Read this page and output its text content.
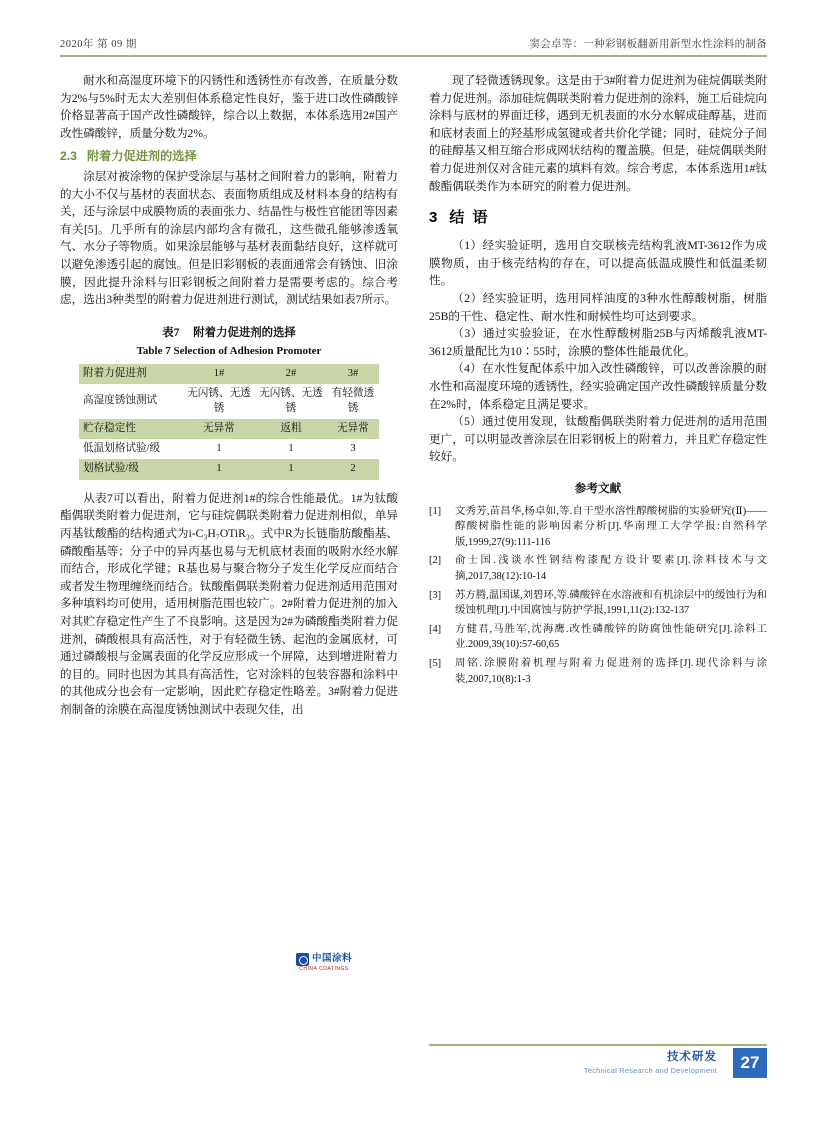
2020年 第 09 期	窦会卓等：一种彩钢板翻新用新型水性涂料的制备

耐水和高湿度环境下的闪锈性和透锈性亦有改善，在质量分数为2%与5%时无太大差别但体系稳定性良好，鉴于进口改性磷酸锌价格显著高于国产改性磷酸锌，综合以上数据，本体系选用2#国产改性磷酸锌，质量分数为2%。

2.3 附着力促进剂的选择

涂层对被涂物的保护受涂层与基材之间附着力的影响，附着力的大小不仅与基材的表面状态、表面物质组成及材料本身的结构有关，还与涂层中成膜物质的表面张力、结晶性与极性官能团等因素有关[5]。几乎所有的涂层内部均含有微孔，这些微孔能够渗透氧气、水分子等物质。如果涂层能够与基材表面黏结良好，这样就可以避免渗透引起的腐蚀。但是旧彩钢板的表面通常会有锈蚀、旧涂膜，因此提升涂料与旧彩钢板之间附着力是需要考虑的。综合考虑，选出3种类型的附着力促进剂进行测试，测试结果如表7所示。

表7 附着力促进剂的选择
Table 7 Selection of Adhesion Promoter
附着力促进剂	1#	2#	3#
高湿度锈蚀测试	无闪锈、无透锈	无闪锈、无透锈	有轻微透锈
贮存稳定性	无异常	返粗	无异常
低温划格试验/级	1	1	3
划格试验/级	1	1	2

从表7可以看出，附着力促进剂1#的综合性能最优。1#为钛酸酯偶联类附着力促进剂，它与硅烷偶联类附着力促进剂相似，单异丙基钛酸酯的结构通式为i-C₃H₇OTiR₃。式中R为长链脂肪酸酯基、磷酸酯基等；分子中的异丙基也易与无机底材表面的吸附水经水解而结合，形成化学键；R基也易与聚合物分子发生化学反应而结合或者发生物理缠绕而结合。钛酸酯偶联类附着力促进剂适用范围对多种填料均可使用，适用树脂范围也较广。2#附着力促进剂的加入对其贮存稳定性产生了不良影响。这是因为2#为磷酸酯类附着力促进剂，磷酸根具有高活性，对于有轻微生锈、起泡的金属底材，可通过磷酸根与金属表面的化学反应形成一个屏障，达到增进附着力的目的。同时也因为其具有高活性，它对涂料的包装容器和涂料中的其他成分也会有一定影响，因此贮存稳定性略差。3#附着力促进剂制备的涂膜在高湿度锈蚀测试中表现欠佳，出

现了轻微透锈现象。这是由于3#附着力促进剂为硅烷偶联类附着力促进剂。添加硅烷偶联类附着力促进剂的涂料，施工后硅烷向涂料与底材的界面迁移，遇到无机表面的水分水解成硅醇基，进而和底材表面上的羟基形成氢键或者共价化学键；同时，硅烷分子间的硅醇基又相互缩合形成网状结构的覆盖膜。但是，硅烷偶联类附着力促进剂仅对含硅元素的填料有效。综合考虑，本体系选用1#钛酸酯偶联类作为本研究的附着力促进剂。

3 结 语

（1）经实验证明，选用自交联核壳结构乳液MT-3612作为成膜物质，由于核壳结构的存在，可以提高低温成膜性和低温柔韧性。

（2）经实验证明，选用同样油度的3种水性醇酸树脂，树脂25B的干性、稳定性、耐水性和耐候性均可达到要求。

（3）通过实验验证，在水性醇酸树脂25B与丙烯酸乳液MT-3612质量配比为10∶55时，涂膜的整体性能最优化。

（4）在水性复配体系中加入改性磷酸锌，可以改善涂膜的耐水性和高湿度环境的透锈性，经实验确定国产改性磷酸锌质量分数在2%时，体系稳定且满足要求。

（5）通过使用发现，钛酸酯偶联类附着力促进剂的适用范围更广，可以明显改善涂层在旧彩钢板上的附着力，并且贮存稳定性较好。

参考文献
[1]	文秀芳,苗昌华,杨卓如,等.自干型水溶性醇酸树脂的实验研究(Ⅱ)——醇酸树脂性能的影响因素分析[J].华南理工大学学报:自然科学版,1999,27(9):111-116
[2]	俞士国.浅谈水性钢结构漆配方设计要素[J].涂料技术与文摘,2017,38(12):10-14
[3]	苏方腾,温国谋,刘碧环,等.磷酸锌在水溶液和有机涂层中的缓蚀行为和缓蚀机理[J].中国腐蚀与防护学报,1991,11(2):132-137
[4]	方健君,马胜军,沈海鹰.改性磷酸锌的防腐蚀性能研究[J].涂料工业.2009,39(10):57-60,65
[5]	周铭.涂膜附着机理与附着力促进剂的选择[J].现代涂料与涂装,2007,10(8):1-3
中国涂料
CHINA COATINGS
技术研发
Technical Research and Development	27
